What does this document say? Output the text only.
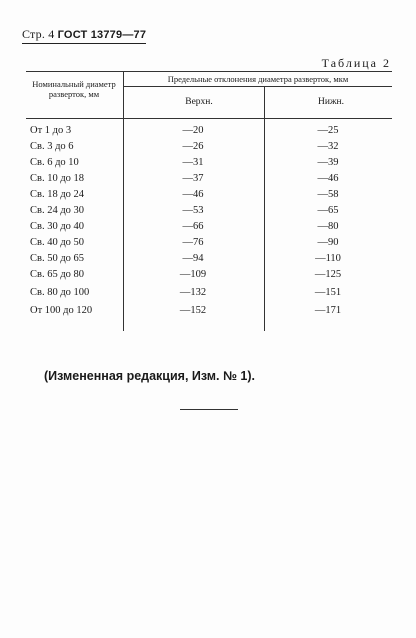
Стр. 4 ГОСТ 13779—77
Таблица 2
Номинальный диаметр разверток, мм
Предельные отклонения диаметра разверток, мкм
Верхн.	Нижн.
От 1 до 3	—20	—25
Св. 3 до 6	—26	—32
Св. 6 до 10	—31	—39
Св. 10 до 18	—37	—46
Св. 18 до 24	—46	—58
Св. 24 до 30	—53	—65
Св. 30 до 40	—66	—80
Св. 40 до 50	—76	—90
Св. 50 до 65	—94	—110
Св. 65 до 80	—109	—125
Св. 80 до 100	—132	—151
От 100 до 120	—152	—171
(Измененная редакция, Изм. № 1).
